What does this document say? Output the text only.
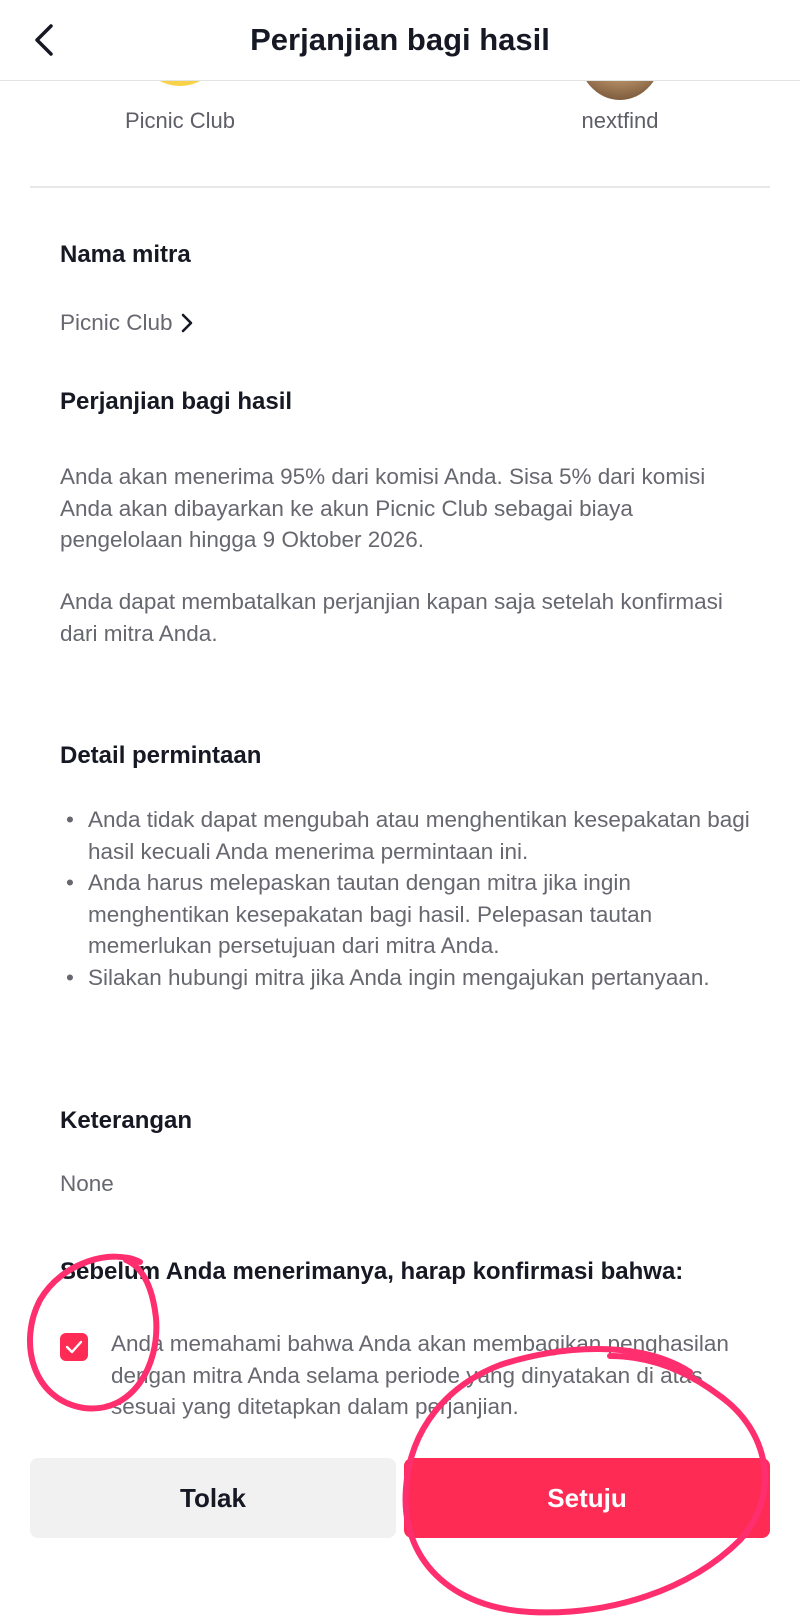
Perjanjian bagi hasil
Picnic Club	nextfind
Nama mitra
Picnic Club
Perjanjian bagi hasil
Anda akan menerima 95% dari komisi Anda. Sisa 5% dari komisi Anda akan dibayarkan ke akun Picnic Club sebagai biaya pengelolaan hingga 9 Oktober 2026.
Anda dapat membatalkan perjanjian kapan saja setelah konfirmasi dari mitra Anda.
Detail permintaan
• Anda tidak dapat mengubah atau menghentikan kesepakatan bagi hasil kecuali Anda menerima permintaan ini.
• Anda harus melepaskan tautan dengan mitra jika ingin menghentikan kesepakatan bagi hasil. Pelepasan tautan memerlukan persetujuan dari mitra Anda.
• Silakan hubungi mitra jika Anda ingin mengajukan pertanyaan.
Keterangan
None
Sebelum Anda menerimanya, harap konfirmasi bahwa:
Anda memahami bahwa Anda akan membagikan penghasilan dengan mitra Anda selama periode yang dinyatakan di atas sesuai yang ditetapkan dalam perjanjian.
Tolak	Setuju
